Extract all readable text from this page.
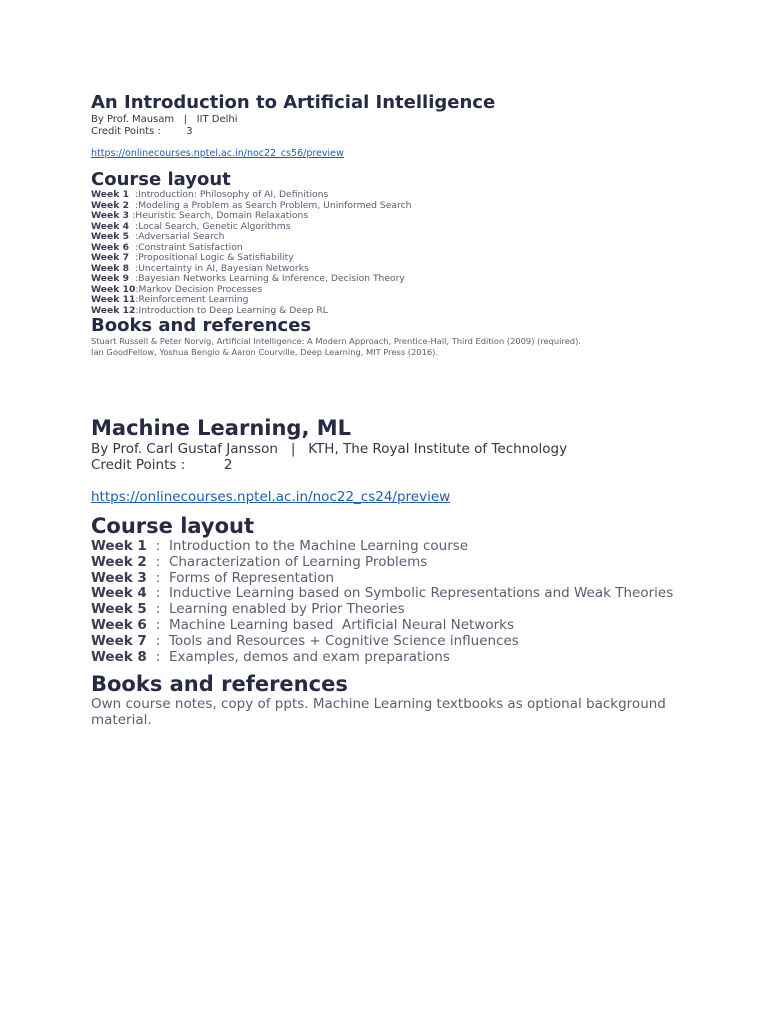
An Introduction to Artificial Intelligence
By Prof. Mausam   |   IIT Delhi
Credit Points :	3
https://onlinecourses.nptel.ac.in/noc22_cs56/preview
Course layout
Week 1  :Introduction: Philosophy of AI, Definitions
Week 2  :Modeling a Problem as Search Problem, Uninformed Search
Week 3 :Heuristic Search, Domain Relaxations
Week 4  :Local Search, Genetic Algorithms
Week 5  :Adversarial Search
Week 6  :Constraint Satisfaction
Week 7  :Propositional Logic & Satisfiability
Week 8  :Uncertainty in AI, Bayesian Networks
Week 9  :Bayesian Networks Learning & Inference, Decision Theory
Week 10:Markov Decision Processes
Week 11:Reinforcement Learning
Week 12:Introduction to Deep Learning & Deep RL
Books and references
Stuart Russell & Peter Norvig, Artificial Intelligence: A Modern Approach, Prentice-Hall, Third Edition (2009) (required).
Ian GoodFellow, Yoshua Bengio & Aaron Courville, Deep Learning, MIT Press (2016).
Machine Learning, ML
By Prof. Carl Gustaf Jansson   |   KTH, The Royal Institute of Technology
Credit Points :	2
https://onlinecourses.nptel.ac.in/noc22_cs24/preview
Course layout
Week 1  :  Introduction to the Machine Learning course
Week 2  :  Characterization of Learning Problems
Week 3  :  Forms of Representation
Week 4  :  Inductive Learning based on Symbolic Representations and Weak Theories
Week 5  :  Learning enabled by Prior Theories
Week 6  :  Machine Learning based  Artificial Neural Networks
Week 7  :  Tools and Resources + Cognitive Science influences
Week 8  :  Examples, demos and exam preparations
Books and references
Own course notes, copy of ppts. Machine Learning textbooks as optional background material.
